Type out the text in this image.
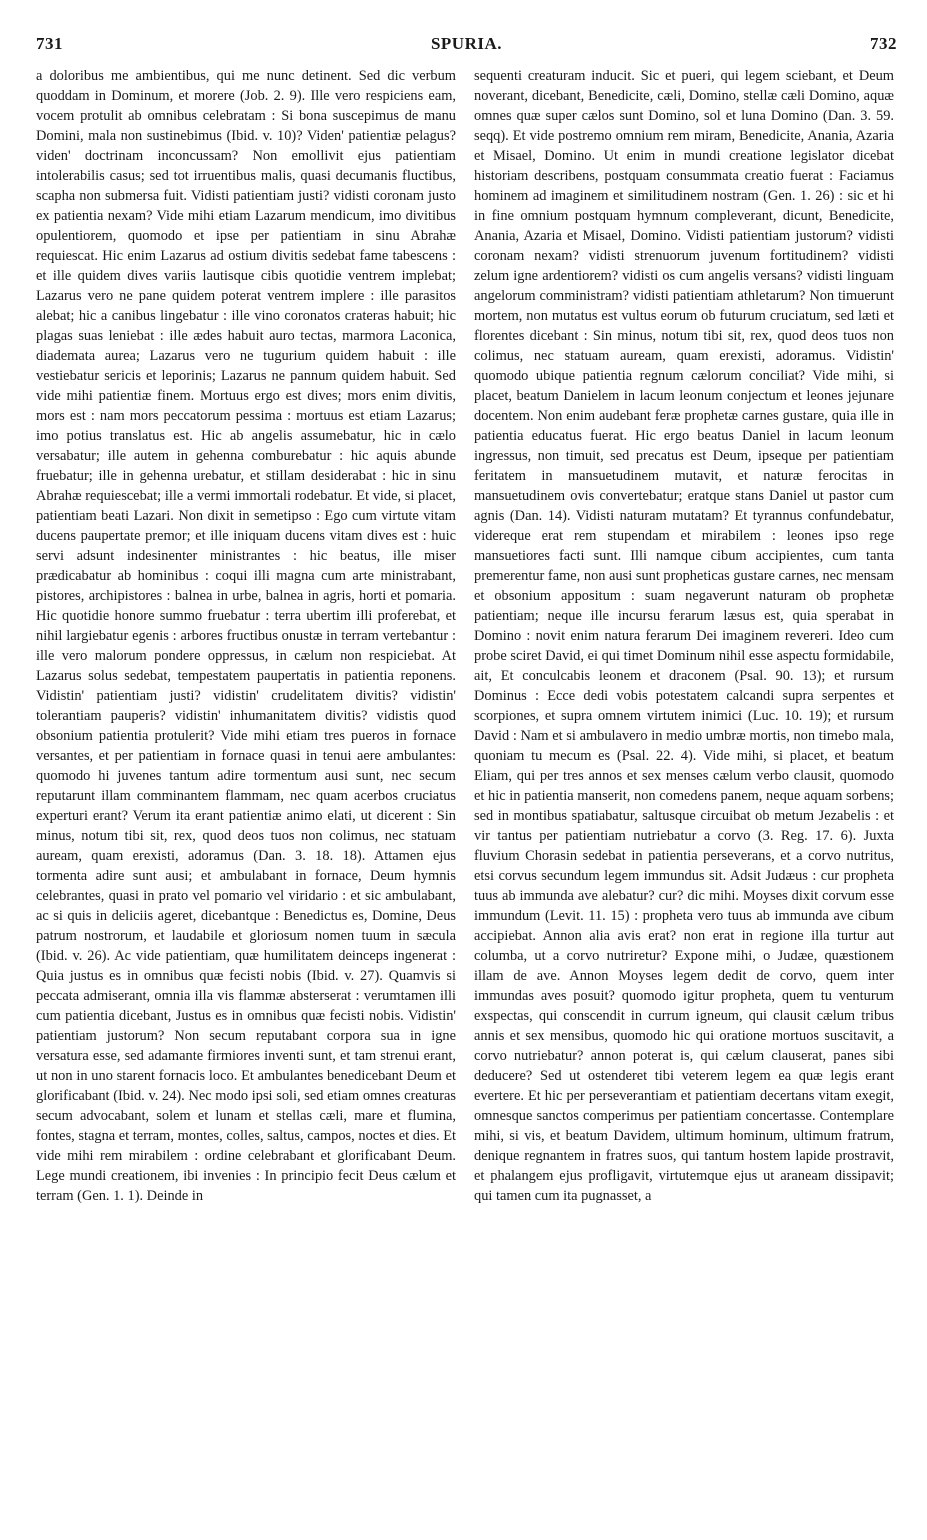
731	SPURIA.	732

a doloribus me ambientibus, qui me nunc detinent. Sed dic verbum quoddam in Dominum, et morere (Job. 2. 9). Ille vero respiciens eam, vocem protulit ab omnibus celebratam : Si bona suscepimus de manu Domini, mala non sustinebimus (Ibid. v. 10)? Viden' patientiæ pelagus? viden' doctrinam inconcussam? Non emollivit ejus patientiam intolerabilis casus; sed tot irruentibus malis, quasi decumanis fluctibus, scapha non submersa fuit. Vidisti patientiam justi? vidisti coronam justo ex patientia nexam? Vide mihi etiam Lazarum mendicum, imo divitibus opulentiorem, quomodo et ipse per patientiam in sinu Abrahæ requiescat. Hic enim Lazarus ad ostium divitis sedebat fame tabescens : et ille quidem dives variis lautisque cibis quotidie ventrem implebat; Lazarus vero ne pane quidem poterat ventrem implere : ille parasitos alebat; hic a canibus lingebatur : ille vino coronatos crateras habuit; hic plagas suas leniebat : ille ædes habuit auro tectas, marmora Laconica, diademata aurea; Lazarus vero ne tugurium quidem habuit : ille vestiebatur sericis et leporinis; Lazarus ne pannum quidem habuit. Sed vide mihi patientiæ finem. Mortuus ergo est dives; mors enim divitis, mors est : nam mors peccatorum pessima : mortuus est etiam Lazarus; imo potius translatus est. Hic ab angelis assumebatur, hic in cælo versabatur; ille autem in gehenna comburebatur : hic aquis abunde fruebatur; ille in gehenna urebatur, et stillam desiderabat : hic in sinu Abrahæ requiescebat; ille a vermi immortali rodebatur. Et vide, si placet, patientiam beati Lazari. Non dixit in semetipso : Ego cum virtute vitam ducens paupertate premor; et ille iniquam ducens vitam dives est : huic servi adsunt indesinenter ministrantes : hic beatus, ille miser prædicabatur ab hominibus : coqui illi magna cum arte ministrabant, pistores, archipistores : balnea in urbe, balnea in agris, horti et pomaria. Hic quotidie honore summo fruebatur : terra ubertim illi proferebat, et nihil largiebatur egenis : arbores fructibus onustæ in terram vertebantur : ille vero malorum pondere oppressus, in cælum non respiciebat. At Lazarus solus sedebat, tempestatem paupertatis in patientia reponens. Vidistin' patientiam justi? vidistin' crudelitatem divitis? vidistin' tolerantiam pauperis? vidistin' inhumanitatem divitis? vidistis quod obsonium patientia protulerit? Vide mihi etiam tres pueros in fornace versantes, et per patientiam in fornace quasi in tenui aere ambulantes: quomodo hi juvenes tantum adire tormentum ausi sunt, nec secum reputarunt illam comminantem flammam, nec quam acerbos cruciatus experturi erant? Verum ita erant patientiæ animo elati, ut dicerent : Sin minus, notum tibi sit, rex, quod deos tuos non colimus, nec statuam auream, quam erexisti, adoramus (Dan. 3. 18. 18). Attamen ejus tormenta adire sunt ausi; et ambulabant in fornace, Deum hymnis celebrantes, quasi in prato vel pomario vel viridario : et sic ambulabant, ac si quis in deliciis ageret, dicebantque : Benedictus es, Domine, Deus patrum nostrorum, et laudabile et gloriosum nomen tuum in sæcula (Ibid. v. 26). Ac vide patientiam, quæ humilitatem deinceps ingenerat : Quia justus es in omnibus quæ fecisti nobis (Ibid. v. 27). Quamvis si peccata admiserant, omnia illa vis flammæ absterserat : verumtamen illi cum patientia dicebant, Justus es in omnibus quæ fecisti nobis. Vidistin' patientiam justorum? Non secum reputabant corpora sua in igne versatura esse, sed adamante firmiores inventi sunt, et tam strenui erant, ut non in uno starent fornacis loco. Et ambulantes benedicebant Deum et glorificabant (Ibid. v. 24). Nec modo ipsi soli, sed etiam omnes creaturas secum advocabant, solem et lunam et stellas cæli, mare et flumina, fontes, stagna et terram, montes, colles, saltus, campos, noctes et dies. Et vide mihi rem mirabilem : ordine celebrabant et glorificabant Deum. Lege mundi creationem, ibi invenies : In principio fecit Deus cælum et terram (Gen. 1. 1). Deinde in

sequenti creaturam inducit. Sic et pueri, qui legem sciebant, et Deum noverant, dicebant, Benedicite, cæli, Domino, stellæ cæli Domino, aquæ omnes quæ super cælos sunt Domino, sol et luna Domino (Dan. 3. 59. seqq). Et vide postremo omnium rem miram, Benedicite, Anania, Azaria et Misael, Domino. Ut enim in mundi creatione legislator dicebat historiam describens, postquam consummata creatio fuerat : Faciamus hominem ad imaginem et similitudinem nostram (Gen. 1. 26) : sic et hi in fine omnium postquam hymnum compleverant, dicunt, Benedicite, Anania, Azaria et Misael, Domino. Vidisti patientiam justorum? vidisti coronam nexam? vidisti strenuorum juvenum fortitudinem? vidisti zelum igne ardentiorem? vidisti os cum angelis versans? vidisti linguam angelorum comministram? vidisti patientiam athletarum? Non timuerunt mortem, non mutatus est vultus eorum ob futurum cruciatum, sed læti et florentes dicebant : Sin minus, notum tibi sit, rex, quod deos tuos non colimus, nec statuam auream, quam erexisti, adoramus. Vidistin' quomodo ubique patientia regnum cælorum conciliat? Vide mihi, si placet, beatum Danielem in lacum leonum conjectum et leones jejunare docentem. Non enim audebant feræ prophetæ carnes gustare, quia ille in patientia educatus fuerat. Hic ergo beatus Daniel in lacum leonum ingressus, non timuit, sed precatus est Deum, ipseque per patientiam feritatem in mansuetudinem mutavit, et naturæ ferocitas in mansuetudinem ovis convertebatur; eratque stans Daniel ut pastor cum agnis (Dan. 14). Vidisti naturam mutatam? Et tyrannus confundebatur, videreque erat rem stupendam et mirabilem : leones ipso rege mansuetiores facti sunt. Illi namque cibum accipientes, cum tanta premerentur fame, non ausi sunt propheticas gustare carnes, nec mensam et obsonium appositum : suam negaverunt naturam ob prophetæ patientiam; neque ille incursu ferarum læsus est, quia sperabat in Domino : novit enim natura ferarum Dei imaginem revereri. Ideo cum probe sciret David, ei qui timet Dominum nihil esse aspectu formidabile, ait, Et conculcabis leonem et draconem (Psal. 90. 13); et rursum Dominus : Ecce dedi vobis potestatem calcandi supra serpentes et scorpiones, et supra omnem virtutem inimici (Luc. 10. 19); et rursum David : Nam et si ambulavero in medio umbræ mortis, non timebo mala, quoniam tu mecum es (Psal. 22. 4). Vide mihi, si placet, et beatum Eliam, qui per tres annos et sex menses cælum verbo clausit, quomodo et hic in patientia manserit, non comedens panem, neque aquam sorbens; sed in montibus spatiabatur, saltusque circuibat ob metum Jezabelis : et vir tantus per patientiam nutriebatur a corvo (3. Reg. 17. 6). Juxta fluvium Chorasin sedebat in patientia perseverans, et a corvo nutritus, etsi corvus secundum legem immundus sit. Adsit Judæus : cur propheta tuus ab immunda ave alebatur? cur? dic mihi. Moyses dixit corvum esse immundum (Levit. 11. 15) : propheta vero tuus ab immunda ave cibum accipiebat. Annon alia avis erat? non erat in regione illa turtur aut columba, ut a corvo nutriretur? Expone mihi, o Judæe, quæstionem illam de ave. Annon Moyses legem dedit de corvo, quem inter immundas aves posuit? quomodo igitur propheta, quem tu venturum exspectas, qui conscendit in currum igneum, qui clausit cælum tribus annis et sex mensibus, quomodo hic qui oratione mortuos suscitavit, a corvo nutriebatur? annon poterat is, qui cælum clauserat, panes sibi deducere? Sed ut ostenderet tibi veterem legem ea quæ legis erant evertere. Et hic per perseverantiam et patientiam decertans vitam exegit, omnesque sanctos comperimus per patientiam concertasse. Contemplare mihi, si vis, et beatum Davidem, ultimum hominum, ultimum fratrum, denique regnantem in fratres suos, qui tantum hostem lapide prostravit, et phalangem ejus profligavit, virtutemque ejus ut araneam dissipavit; qui tamen cum ita pugnasset, a
